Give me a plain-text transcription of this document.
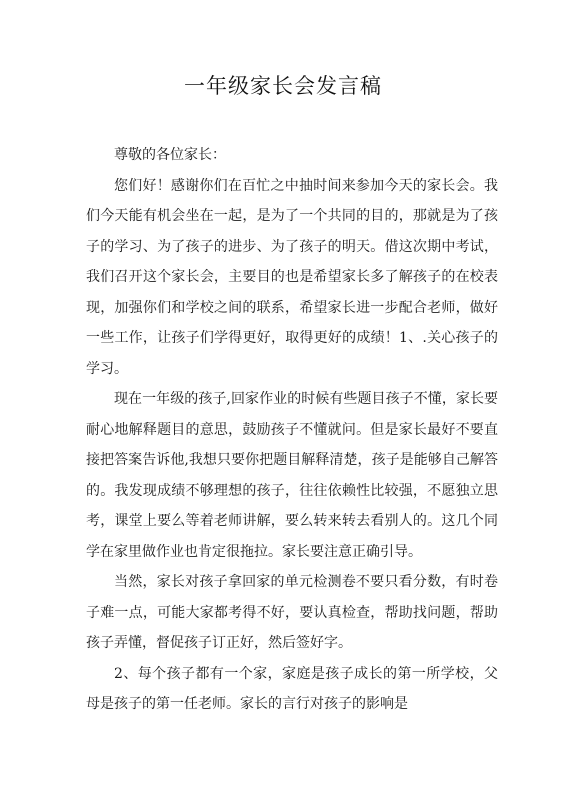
一年级家长会发言稿

尊敬的各位家长：

您们好！感谢你们在百忙之中抽时间来参加今天的家长会。我们今天能有机会坐在一起，是为了一个共同的目的，那就是为了孩子的学习、为了孩子的进步、为了孩子的明天。借这次期中考试，我们召开这个家长会，主要目的也是希望家长多了解孩子的在校表现，加强你们和学校之间的联系，希望家长进一步配合老师，做好一些工作，让孩子们学得更好，取得更好的成绩！1、.关心孩子的学习。

现在一年级的孩子,回家作业的时候有些题目孩子不懂，家长要耐心地解释题目的意思，鼓励孩子不懂就问。但是家长最好不要直接把答案告诉他,我想只要你把题目解释清楚，孩子是能够自己解答的。我发现成绩不够理想的孩子，往往依赖性比较强，不愿独立思考，课堂上要么等着老师讲解，要么转来转去看别人的。这几个同学在家里做作业也肯定很拖拉。家长要注意正确引导。

当然，家长对孩子拿回家的单元检测卷不要只看分数，有时卷子难一点，可能大家都考得不好，要认真检查，帮助找问题，帮助孩子弄懂，督促孩子订正好，然后签好字。

2、每个孩子都有一个家，家庭是孩子成长的第一所学校，父母是孩子的第一任老师。家长的言行对孩子的影响是
